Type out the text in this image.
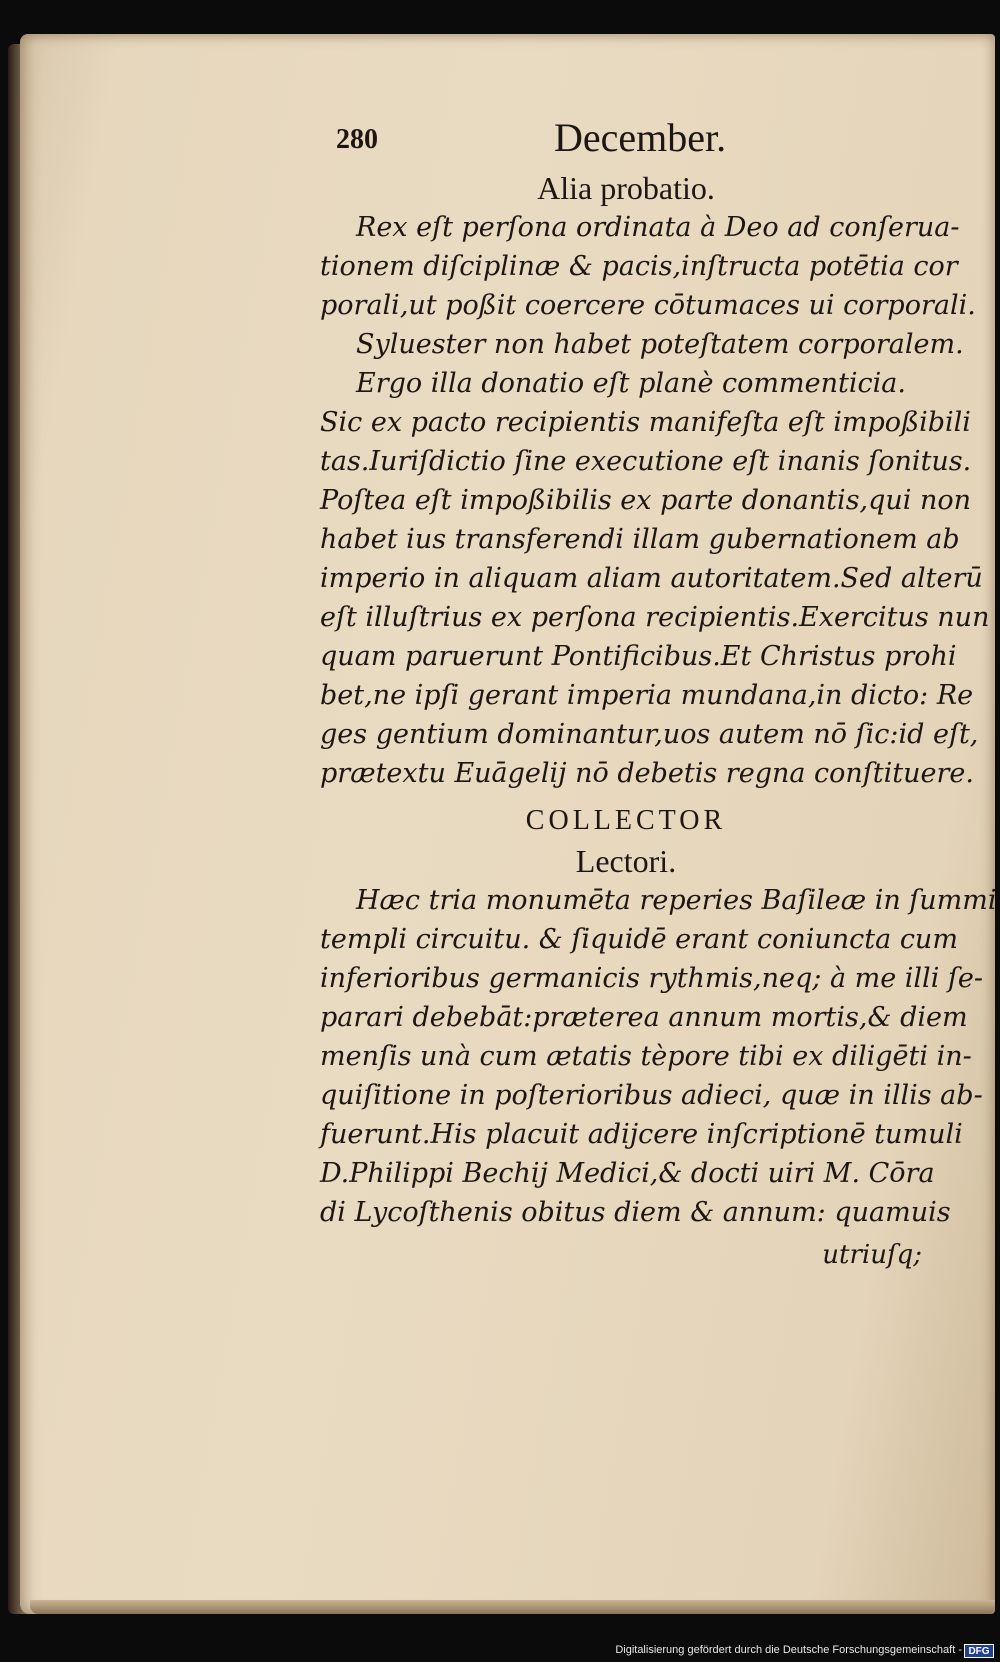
280	December.

Alia probatio.

Rex eſt perſona ordinata à Deo ad conſerua-
tionem diſciplinæ & pacis,inſtructa potētia cor
porali,ut poßit coercere cōtumaces ui corporali.
Syluester non habet poteſtatem corporalem.
Ergo illa donatio eſt planè commenticia.
Sic ex pacto recipientis manifeſta eſt impoßibili
tas.Iuriſdictio ſine executione eſt inanis ſonitus.
Poſtea eſt impoßibilis ex parte donantis,qui non
habet ius transferendi illam gubernationem ab
imperio in aliquam aliam autoritatem.Sed alterū
eſt illuſtrius ex perſona recipientis.Exercitus nun
quam paruerunt Pontificibus.Et Christus prohi
bet,ne ipſi gerant imperia mundana,in dicto: Re
ges gentium dominantur,uos autem nō ſic:id eſt,
prætextu Euāgelij nō debetis regna conſtituere.

COLLECTOR

Lectori.

Hæc tria monumēta reperies Baſileæ in ſummi
templi circuitu. & ſiquidē erant coniuncta cum
inferioribus germanicis rythmis,neq; à me illi ſe-
parari debebāt:præterea annum mortis,& diem
menſis unà cum ætatis tèpore tibi ex diligēti in-
quiſitione in poſterioribus adieci, quæ in illis ab-
fuerunt.His placuit adijcere inſcriptionē tumuli
D.Philippi Bechij Medici,& docti uiri M. Cōra
di Lycoſthenis obitus diem & annum: quamuis

utriuſq;
Digitalisierung gefördert durch die Deutsche Forschungsgemeinschaft - DFG
